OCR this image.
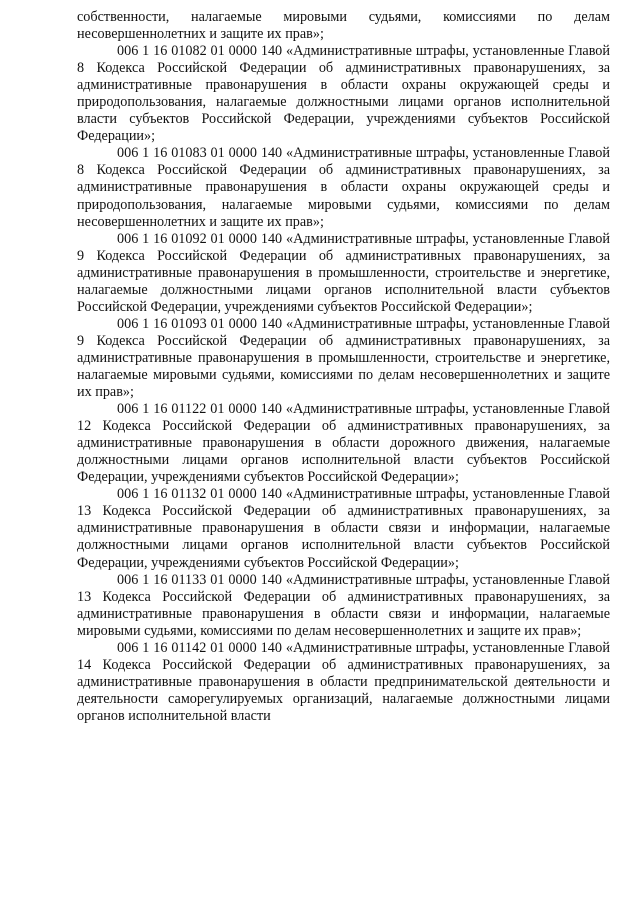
собственности, налагаемые мировыми судьями, комиссиями по делам несовершеннолетних и защите их прав»;

006 1 16 01082 01 0000 140 «Административные штрафы, установленные Главой 8 Кодекса Российской Федерации об административных правонарушениях, за административные правонарушения в области охраны окружающей среды и природопользования, налагаемые должностными лицами органов исполнительной власти субъектов Российской Федерации, учреждениями субъектов Российской Федерации»;

006 1 16 01083 01 0000 140 «Административные штрафы, установленные Главой 8 Кодекса Российской Федерации об административных правонарушениях, за административные правонарушения в области охраны окружающей среды и природопользования, налагаемые мировыми судьями, комиссиями по делам несовершеннолетних и защите их прав»;

006 1 16 01092 01 0000 140 «Административные штрафы, установленные Главой 9 Кодекса Российской Федерации об административных правонарушениях, за административные правонарушения в промышленности, строительстве и энергетике, налагаемые должностными лицами органов исполнительной власти субъектов Российской Федерации, учреждениями субъектов Российской Федерации»;

006 1 16 01093 01 0000 140 «Административные штрафы, установленные Главой 9 Кодекса Российской Федерации об административных правонарушениях, за административные правонарушения в промышленности, строительстве и энергетике, налагаемые мировыми судьями, комиссиями по делам несовершеннолетних и защите их прав»;

006 1 16 01122 01 0000 140 «Административные штрафы, установленные Главой 12 Кодекса Российской Федерации об административных правонарушениях, за административные правонарушения в области дорожного движения, налагаемые должностными лицами органов исполнительной власти субъектов Российской Федерации, учреждениями субъектов Российской Федерации»;

006 1 16 01132 01 0000 140 «Административные штрафы, установленные Главой 13 Кодекса Российской Федерации об административных правонарушениях, за административные правонарушения в области связи и информации, налагаемые должностными лицами органов исполнительной власти субъектов Российской Федерации, учреждениями субъектов Российской Федерации»;

006 1 16 01133 01 0000 140 «Административные штрафы, установленные Главой 13 Кодекса Российской Федерации об административных правонарушениях, за административные правонарушения в области связи и информации, налагаемые мировыми судьями, комиссиями по делам несовершеннолетних и защите их прав»;

006 1 16 01142 01 0000 140 «Административные штрафы, установленные Главой 14 Кодекса Российской Федерации об административных правонарушениях, за административные правонарушения в области предпринимательской деятельности и деятельности саморегулируемых организаций, налагаемые должностными лицами органов исполнительной власти
